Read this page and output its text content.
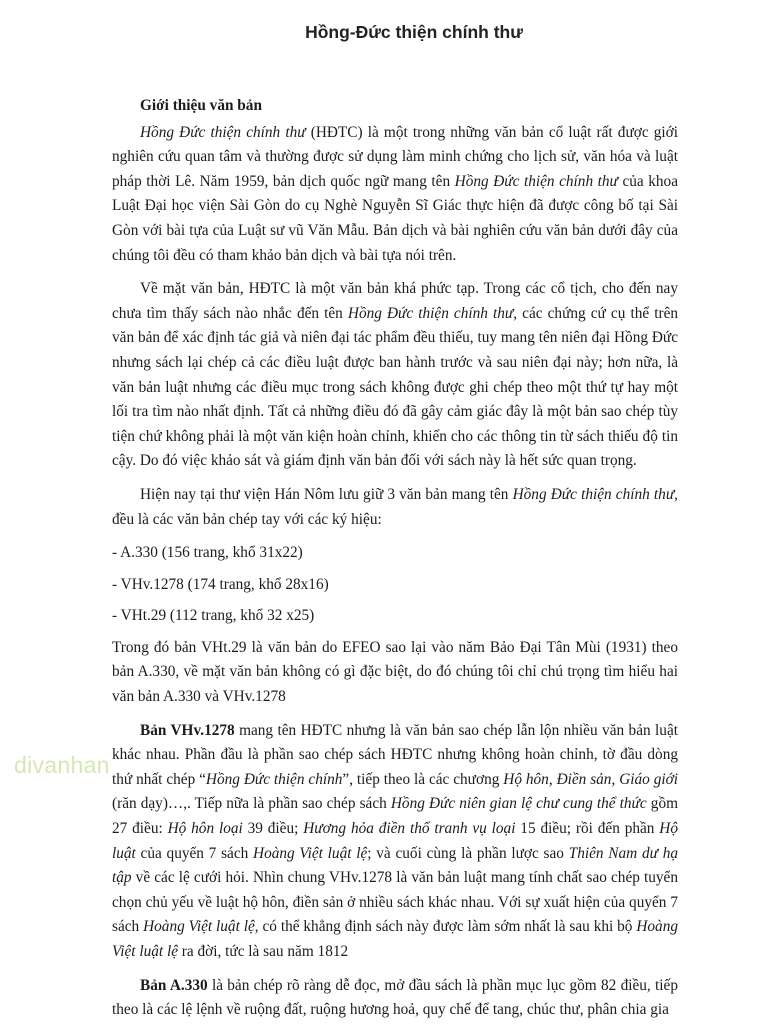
Hồng-Đức thiện chính thư
Giới thiệu văn bản

Hồng Đức thiện chính thư (HĐTC) là một trong những văn bản cổ luật rất được giới nghiên cứu quan tâm và thường được sử dụng làm minh chứng cho lịch sử, văn hóa và luật pháp thời Lê. Năm 1959, bản dịch quốc ngữ mang tên Hồng Đức thiện chính thư của khoa Luật Đại học viện Sài Gòn do cụ Nghè Nguyễn Sĩ Giác thực hiện đã được công bố tại Sài Gòn với bài tựa của Luật sư vũ Văn Mẫu. Bản dịch và bài nghiên cứu văn bản dưới đây của chúng tôi đều có tham khảo bản dịch và bài tựa nói trên.

Về mặt văn bản, HĐTC là một văn bản khá phức tạp. Trong các cổ tịch, cho đến nay chưa tìm thấy sách nào nhắc đến tên Hồng Đức thiện chính thư, các chứng cứ cụ thể trên văn bản để xác định tác giả và niên đại tác phẩm đều thiếu, tuy mang tên niên đại Hồng Đức nhưng sách lại chép cả các điều luật được ban hành trước và sau niên đại này; hơn nữa, là văn bản luật nhưng các điều mục trong sách không được ghi chép theo một thứ tự hay một lối tra tìm nào nhất định. Tất cả những điều đó đã gây cảm giác đây là một bản sao chép tùy tiện chứ không phải là một văn kiện hoàn chỉnh, khiến cho các thông tin từ sách thiếu độ tin cậy. Do đó việc khảo sát và giám định văn bản đối với sách này là hết sức quan trọng.

Hiện nay tại thư viện Hán Nôm lưu giữ 3 văn bản mang tên Hồng Đức thiện chính thư, đều là các văn bản chép tay với các ký hiệu:

- A.330 (156 trang, khổ 31x22)
- VHv.1278 (174 trang, khổ 28x16)
- VHt.29 (112 trang, khổ 32 x25)

Trong đó bản VHt.29 là văn bản do EFEO sao lại vào năm Bảo Đại Tân Mùi (1931) theo bản A.330, về mặt văn bản không có gì đặc biệt, do đó chúng tôi chỉ chú trọng tìm hiểu hai văn bản A.330 và VHv.1278

Bản VHv.1278 mang tên HĐTC nhưng là văn bản sao chép lẫn lộn nhiều văn bản luật khác nhau. Phần đầu là phần sao chép sách HĐTC nhưng không hoàn chỉnh, tờ đầu dòng thứ nhất chép “Hồng Đức thiện chính”, tiếp theo là các chương Hộ hôn, Điền sản, Giáo giới (răn dạy)…,. Tiếp nữa là phần sao chép sách Hồng Đức niên gian lệ chư cung thể thức gồm 27 điều: Hộ hôn loại 39 điều; Hương hỏa điền thổ tranh vụ loại 15 điều; rồi đến phần Hộ luật của quyển 7 sách Hoàng Việt luật lệ; và cuối cùng là phần lược sao Thiên Nam dư hạ tập về các lệ cưới hỏi. Nhìn chung VHv.1278 là văn bản luật mang tính chất sao chép tuyển chọn chủ yếu về luật hộ hôn, điền sản ở nhiều sách khác nhau. Với sự xuất hiện của quyển 7 sách Hoàng Việt luật lệ, có thể khẳng định sách này được làm sớm nhất là sau khi bộ Hoàng Việt luật lệ ra đời, tức là sau năm 1812

Bản A.330 là bản chép rõ ràng dễ đọc, mở đầu sách là phần mục lục gồm 82 điều, tiếp theo là các lệ lệnh về ruộng đất, ruộng hương hoả, quy chế để tang, chúc thư, phân chia gia

divanhan
